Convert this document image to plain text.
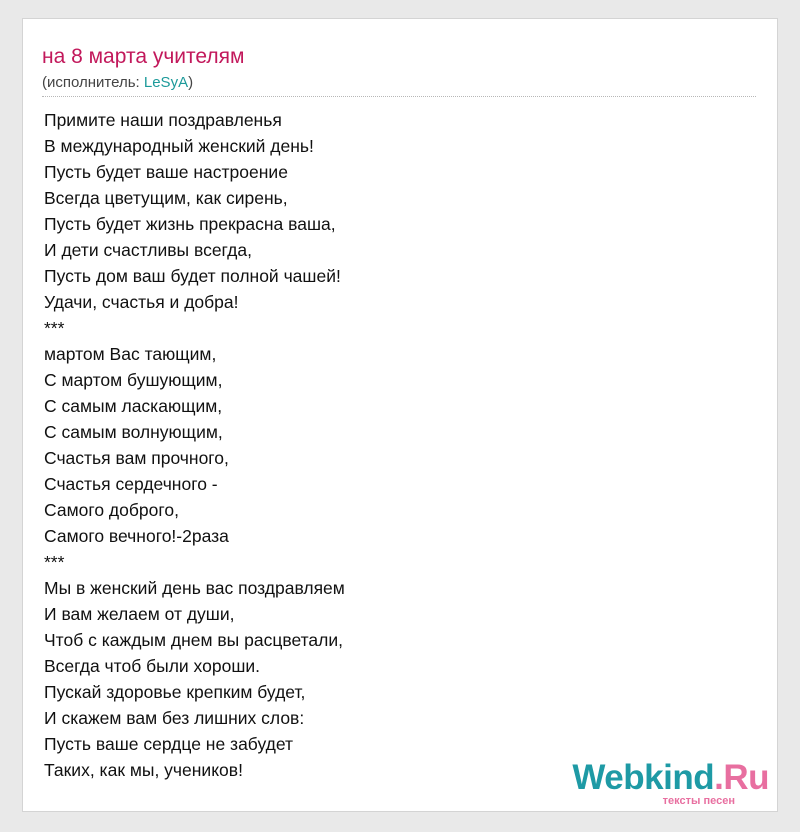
на 8 марта учителям
(исполнитель: LeSyA)
Примите наши поздравленья
В международный женский день!
Пусть будет ваше настроение
Всегда цветущим, как сирень,
Пусть будет жизнь прекрасна ваша,
И дети счастливы всегда,
Пусть дом ваш будет полной чашей!
Удачи, счастья и добра!
***
мартом Вас тающим,
С мартом бушующим,
С самым ласкающим,
С самым волнующим,
Счастья вам прочного,
Счастья сердечного -
Самого доброго,
Самого вечного!-2раза
***
Мы в женский день вас поздравляем
И вам желаем от души,
Чтоб с каждым днем вы расцветали,
Всегда чтоб были хороши.
Пускай здоровье крепким будет,
И скажем вам без лишних слов:
Пусть ваше сердце не забудет
Таких, как мы, учеников!	Webkind.Ru
тексты песен
